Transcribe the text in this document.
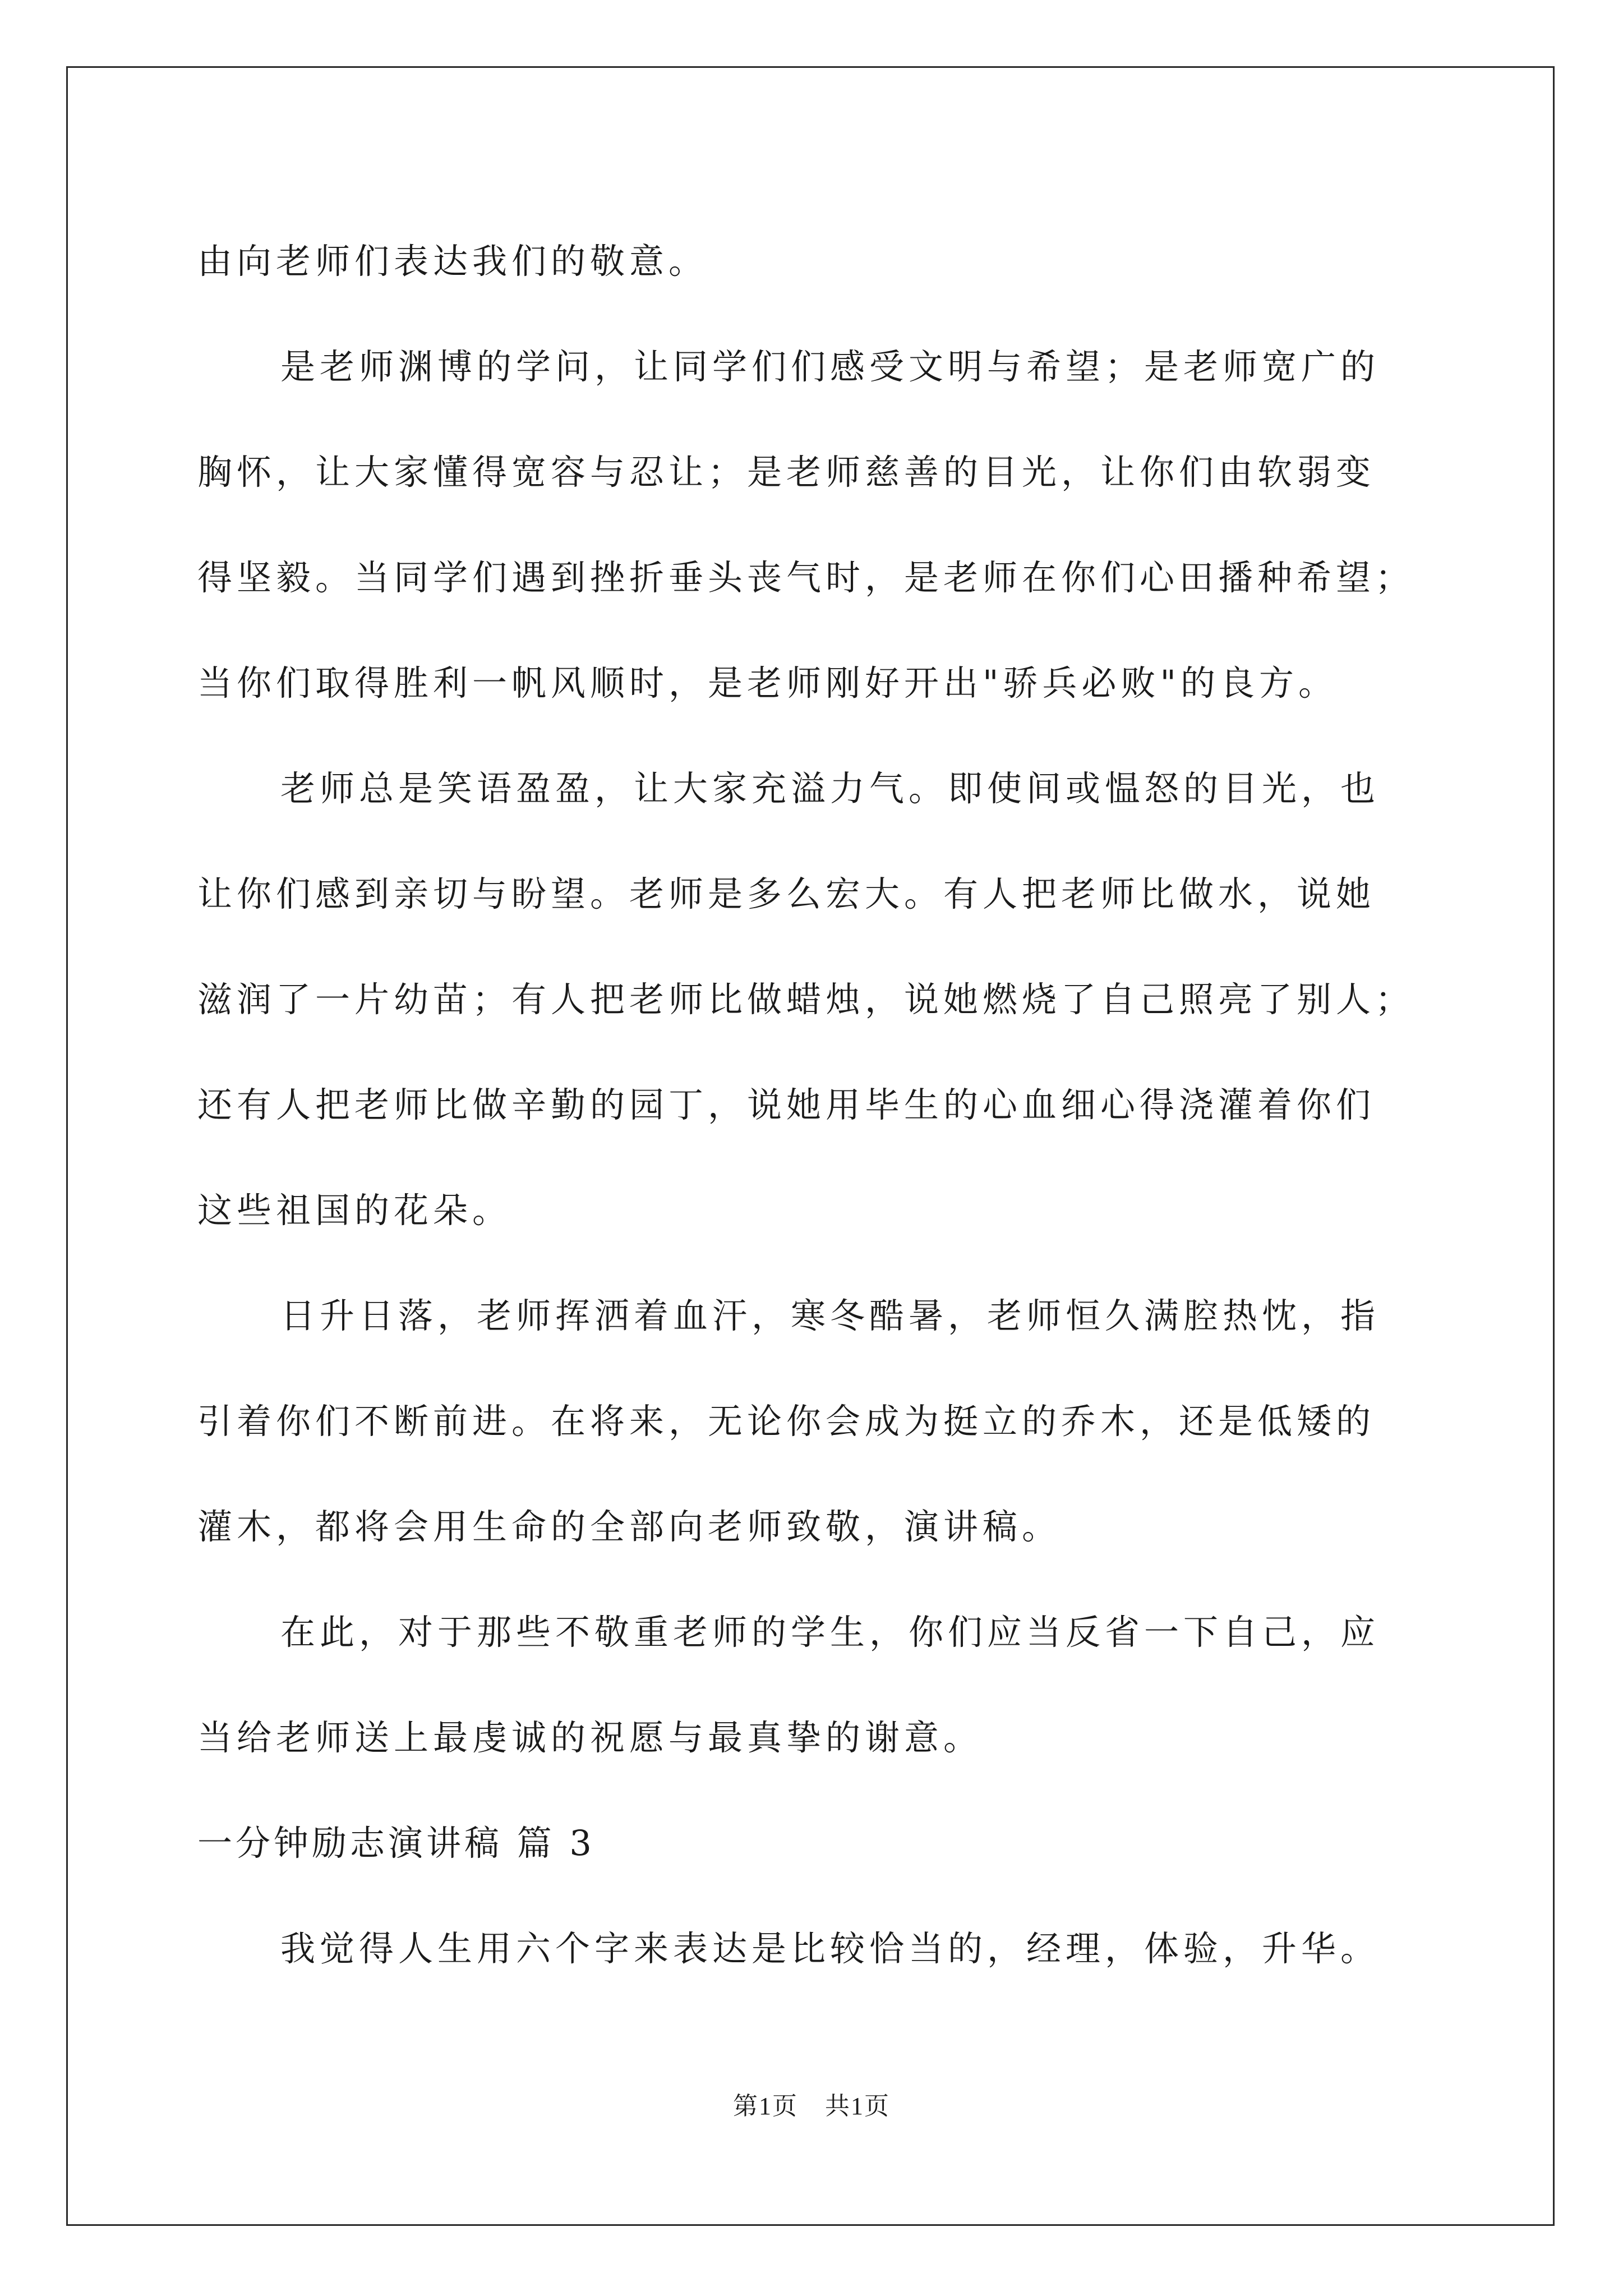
由向老师们表达我们的敬意。
是老师渊博的学问，让同学们们感受文明与希望；是老师宽广的
胸怀，让大家懂得宽容与忍让；是老师慈善的目光，让你们由软弱变
得坚毅。当同学们遇到挫折垂头丧气时，是老师在你们心田播种希望；
当你们取得胜利一帆风顺时，是老师刚好开出"骄兵必败"的良方。
老师总是笑语盈盈，让大家充溢力气。即使间或愠怒的目光，也
让你们感到亲切与盼望。老师是多么宏大。有人把老师比做水，说她
滋润了一片幼苗；有人把老师比做蜡烛，说她燃烧了自己照亮了别人；
还有人把老师比做辛勤的园丁，说她用毕生的心血细心得浇灌着你们
这些祖国的花朵。
日升日落，老师挥洒着血汗，寒冬酷暑，老师恒久满腔热忱，指
引着你们不断前进。在将来，无论你会成为挺立的乔木，还是低矮的
灌木，都将会用生命的全部向老师致敬，演讲稿。
在此，对于那些不敬重老师的学生，你们应当反省一下自己，应
当给老师送上最虔诚的祝愿与最真挚的谢意。
一分钟励志演讲稿 篇 3
我觉得人生用六个字来表达是比较恰当的，经理，体验，升华。
第1页 共1页
